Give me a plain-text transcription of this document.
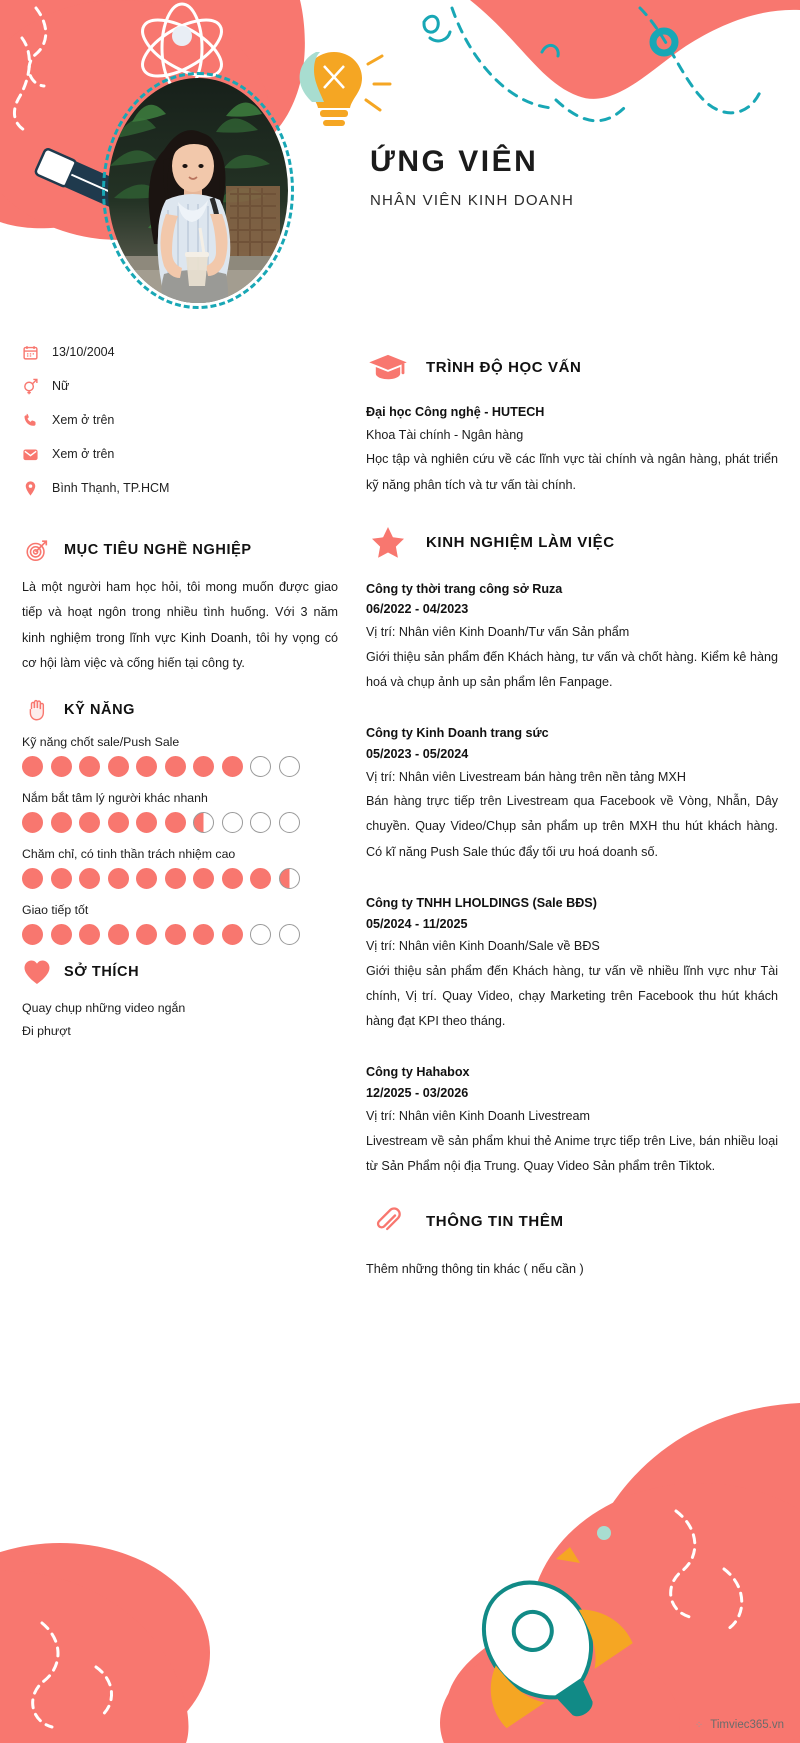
ỨNG VIÊN
NHÂN VIÊN KINH DOANH
13/10/2004
Nữ
Xem ở trên
Xem ở trên
Bình Thạnh, TP.HCM
MỤC TIÊU NGHỀ NGHIỆP
Là một người ham học hỏi, tôi mong muốn được giao tiếp và hoạt ngôn trong nhiều tình huống. Với 3 năm kinh nghiệm trong lĩnh vực Kinh Doanh, tôi hy vọng có cơ hội làm việc và cống hiến tại công ty.
KỸ NĂNG
Kỹ năng chốt sale/Push Sale
Nắm bắt tâm lý người khác nhanh
Chăm chỉ, có tinh thần trách nhiệm cao
Giao tiếp tốt
SỞ THÍCH
Quay chụp những video ngắn
Đi phượt
TRÌNH ĐỘ HỌC VẤN
Đại học Công nghệ - HUTECH
Khoa Tài chính - Ngân hàng
Học tập và nghiên cứu về các lĩnh vực tài chính và ngân hàng, phát triển kỹ năng phân tích và tư vấn tài chính.
KINH NGHIỆM LÀM VIỆC
Công ty thời trang công sở Ruza
06/2022 - 04/2023
Vị trí: Nhân viên Kinh Doanh/Tư vấn Sản phẩm
Giới thiệu sản phẩm đến Khách hàng, tư vấn và chốt hàng. Kiểm kê hàng hoá và chụp ảnh up sản phẩm lên Fanpage.
Công ty Kinh Doanh trang sức
05/2023 - 05/2024
Vị trí: Nhân viên Livestream bán hàng trên nền tảng MXH
Bán hàng trực tiếp trên Livestream qua Facebook về Vòng, Nhẫn, Dây chuyền. Quay Video/Chụp sản phẩm up trên MXH thu hút khách hàng. Có kĩ năng Push Sale thúc đẩy tối ưu hoá doanh số.
Công ty TNHH LHOLDINGS (Sale BĐS)
05/2024 - 11/2025
Vị trí: Nhân viên Kinh Doanh/Sale về BĐS
Giới thiệu sản phẩm đến Khách hàng, tư vấn về nhiều lĩnh vực như Tài chính, Vị trí. Quay Video, chạy Marketing trên Facebook thu hút khách hàng đạt KPI theo tháng.
Công ty Hahabox
12/2025 - 03/2026
Vị trí: Nhân viên Kinh Doanh Livestream
Livestream về sản phẩm khui thẻ Anime trực tiếp trên Live, bán nhiều loại từ Sản Phẩm nội địa Trung. Quay Video Sản phẩm trên Tiktok.
THÔNG TIN THÊM
Thêm những thông tin khác ( nếu cần )
⁘ Timviec365.vn
